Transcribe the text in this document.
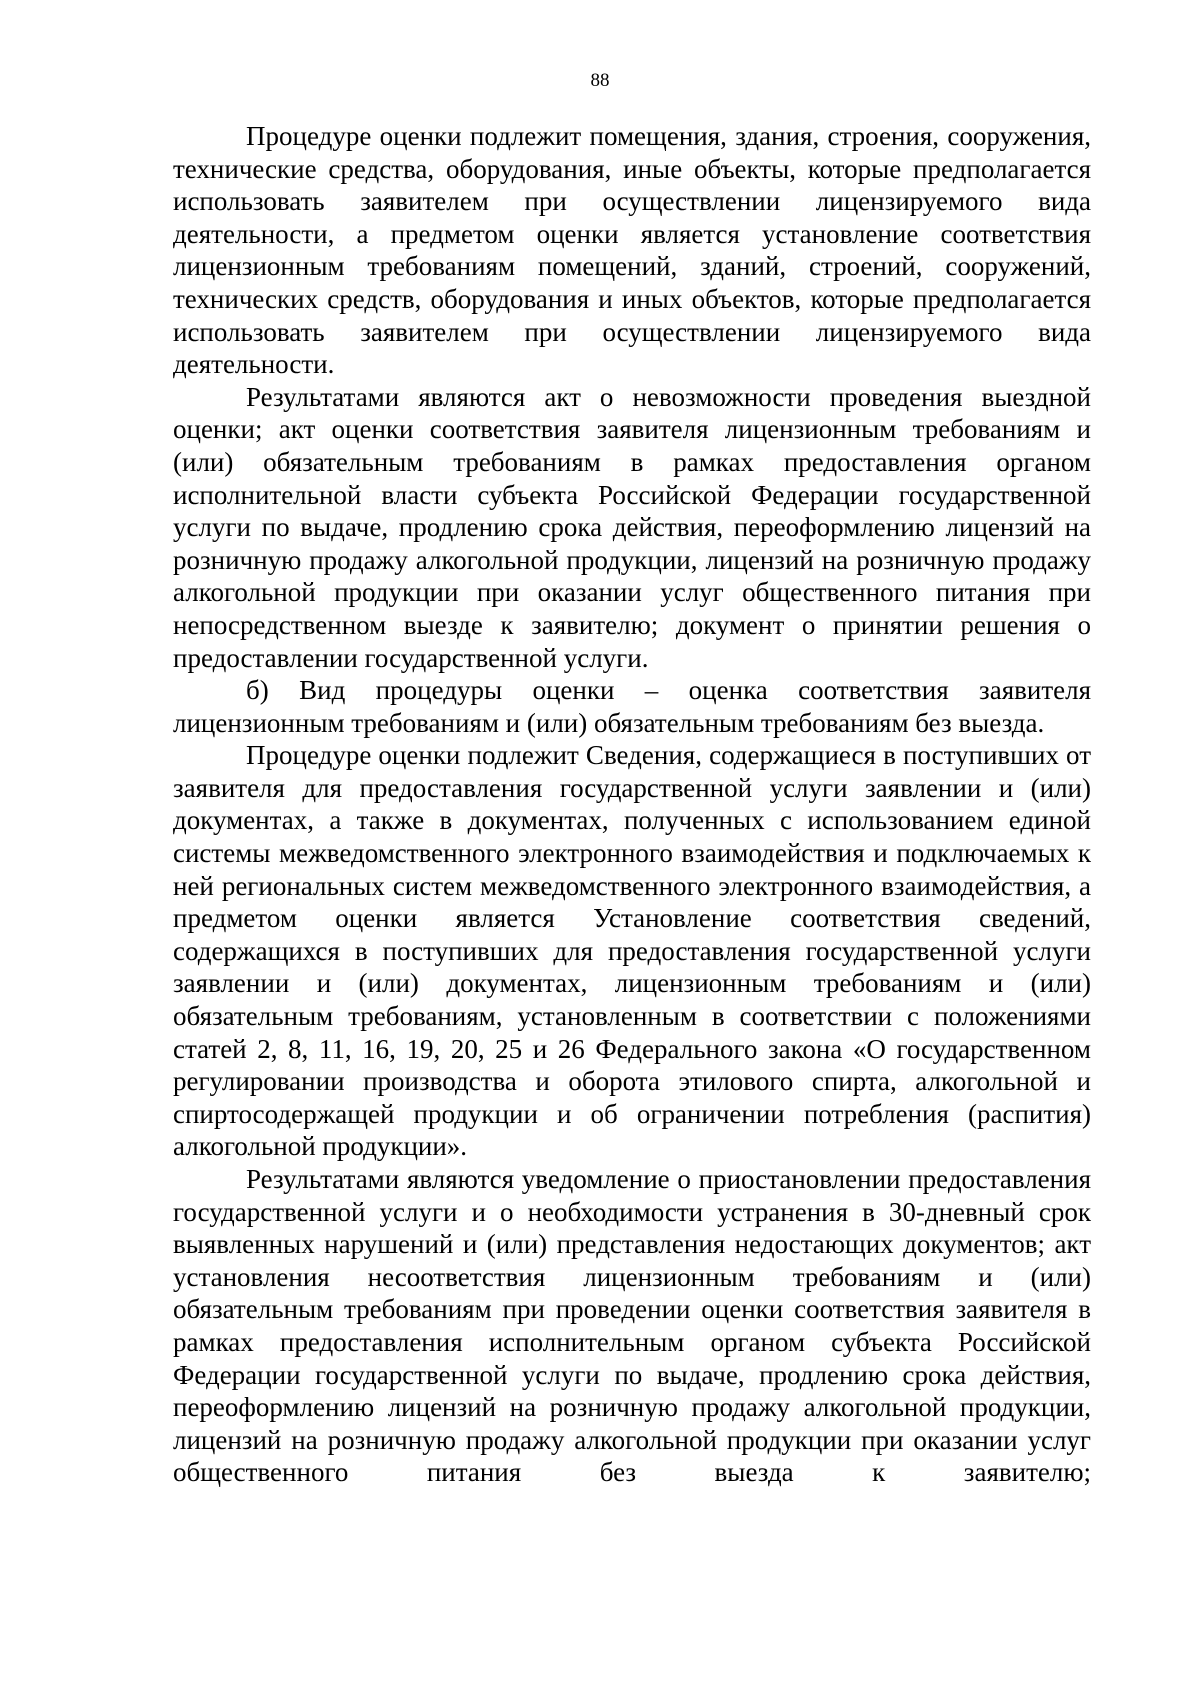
88

Процедуре оценки подлежит помещения, здания, строения, сооружения, технические средства, оборудования, иные объекты, которые предполагается использовать заявителем при осуществлении лицензируемого вида деятельности, а предметом оценки является установление соответствия лицензионным требованиям помещений, зданий, строений, сооружений, технических средств, оборудования и иных объектов, которые предполагается использовать заявителем при осуществлении лицензируемого вида деятельности.

Результатами являются акт о невозможности проведения выездной оценки; акт оценки соответствия заявителя лицензионным требованиям и (или) обязательным требованиям в рамках предоставления органом исполнительной власти субъекта Российской Федерации государственной услуги по выдаче, продлению срока действия, переоформлению лицензий на розничную продажу алкогольной продукции, лицензий на розничную продажу алкогольной продукции при оказании услуг общественного питания при непосредственном выезде к заявителю; документ о принятии решения о предоставлении государственной услуги.

б) Вид процедуры оценки – оценка соответствия заявителя лицензионным требованиям и (или) обязательным требованиям без выезда.

Процедуре оценки подлежит Сведения, содержащиеся в поступивших от заявителя для предоставления государственной услуги заявлении и (или) документах, а также в документах, полученных с использованием единой системы межведомственного электронного взаимодействия и подключаемых к ней региональных систем межведомственного электронного взаимодействия, а предметом оценки является Установление соответствия сведений, содержащихся в поступивших для предоставления государственной услуги заявлении и (или) документах, лицензионным требованиям и (или) обязательным требованиям, установленным в соответствии с положениями статей 2, 8, 11, 16, 19, 20, 25 и 26 Федерального закона «О государственном регулировании производства и оборота этилового спирта, алкогольной и спиртосодержащей продукции и об ограничении потребления (распития) алкогольной продукции».

Результатами являются уведомление о приостановлении предоставления государственной услуги и о необходимости устранения в 30-дневный срок выявленных нарушений и (или) представления недостающих документов; акт установления несоответствия лицензионным требованиям и (или) обязательным требованиям при проведении оценки соответствия заявителя в рамках предоставления исполнительным органом субъекта Российской Федерации государственной услуги по выдаче, продлению срока действия, переоформлению лицензий на розничную продажу алкогольной продукции, лицензий на розничную продажу алкогольной продукции при оказании услуг общественного питания без выезда к заявителю;
